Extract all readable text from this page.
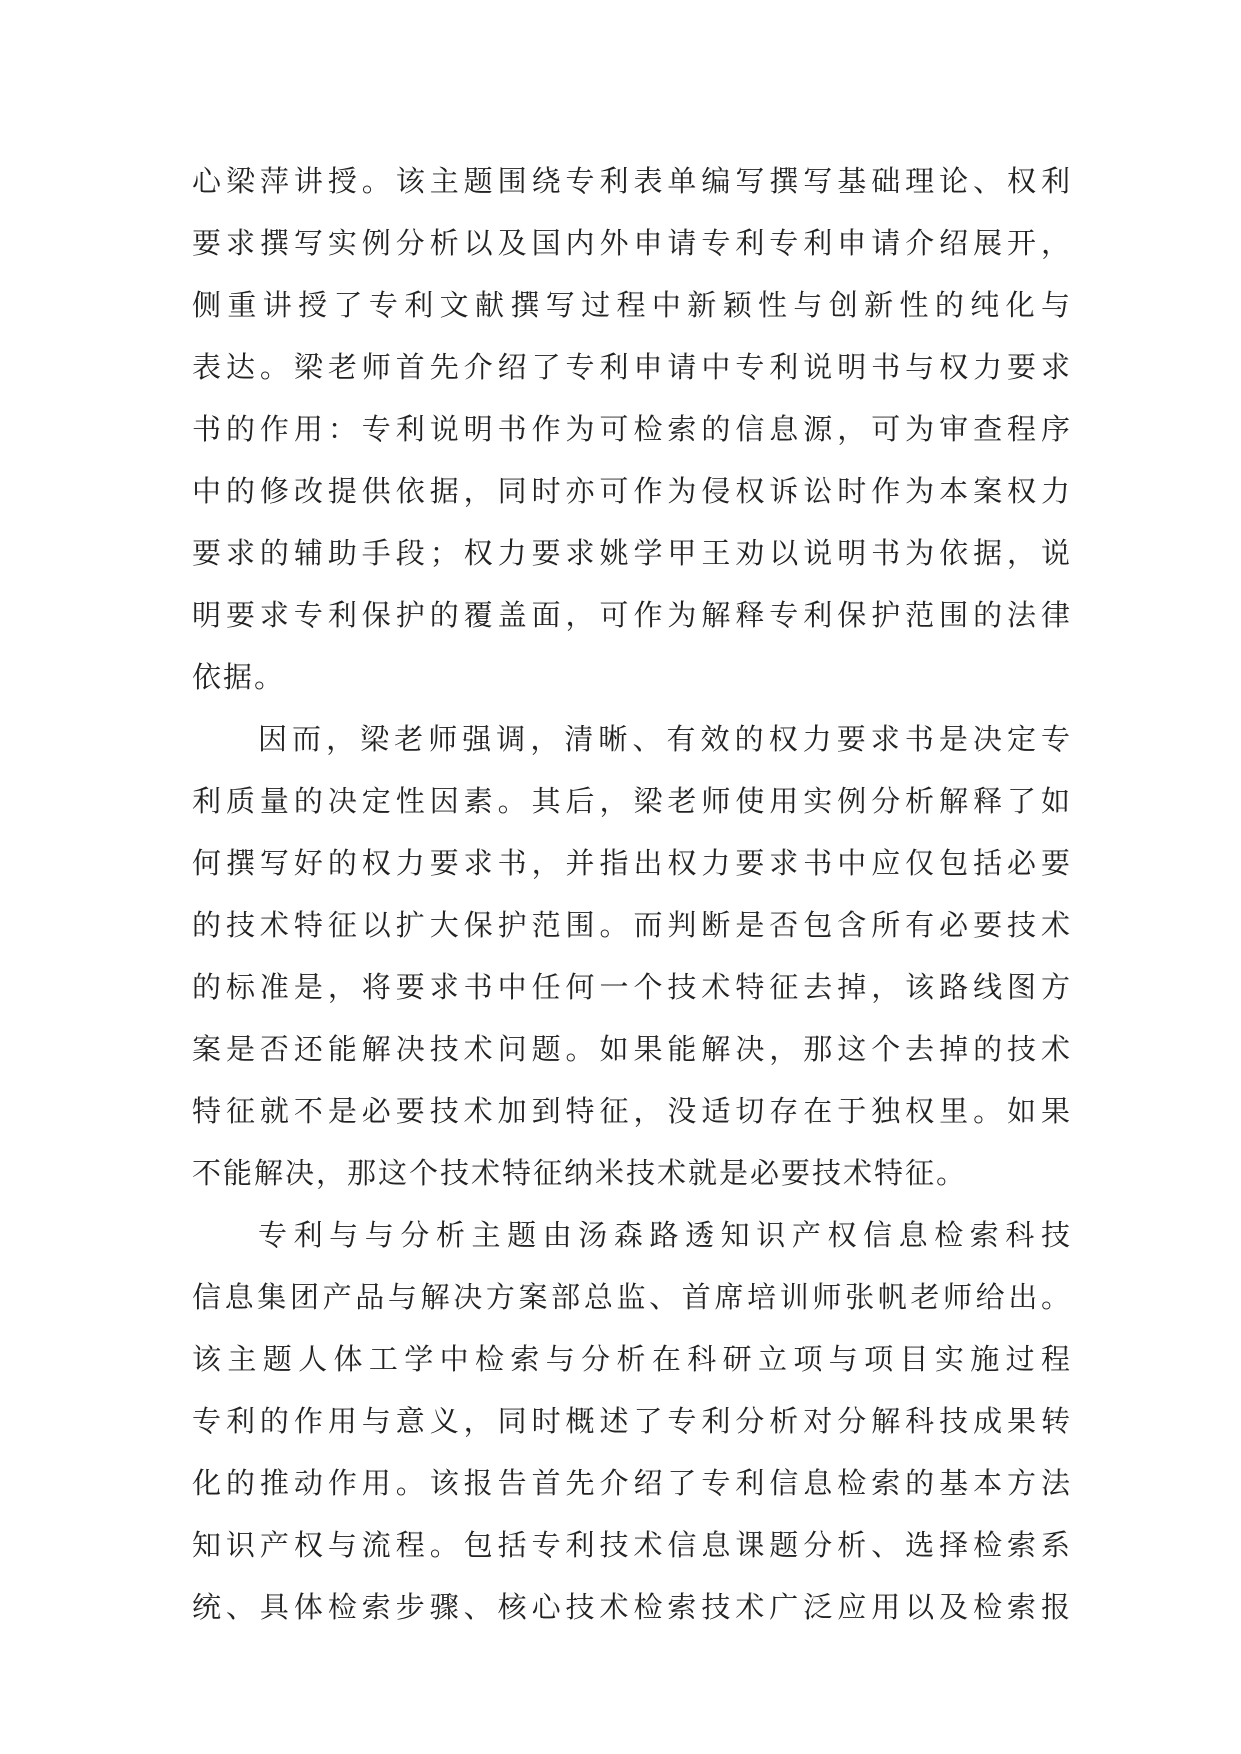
心梁萍讲授。该主题围绕专利表单编写撰写基础理论、权利
要求撰写实例分析以及国内外申请专利专利申请介绍展开，
侧重讲授了专利文献撰写过程中新颖性与创新性的纯化与
表达。梁老师首先介绍了专利申请中专利说明书与权力要求
书的作用：专利说明书作为可检索的信息源，可为审查程序
中的修改提供依据，同时亦可作为侵权诉讼时作为本案权力
要求的辅助手段；权力要求姚学甲王劝以说明书为依据，说
明要求专利保护的覆盖面，可作为解释专利保护范围的法律
依据。
因而，梁老师强调，清晰、有效的权力要求书是决定专
利质量的决定性因素。其后，梁老师使用实例分析解释了如
何撰写好的权力要求书，并指出权力要求书中应仅包括必要
的技术特征以扩大保护范围。而判断是否包含所有必要技术
的标准是，将要求书中任何一个技术特征去掉，该路线图方
案是否还能解决技术问题。如果能解决，那这个去掉的技术
特征就不是必要技术加到特征，没适切存在于独权里。如果
不能解决，那这个技术特征纳米技术就是必要技术特征。
专利与与分析主题由汤森路透知识产权信息检索科技
信息集团产品与解决方案部总监、首席培训师张帆老师给出。
该主题人体工学中检索与分析在科研立项与项目实施过程
专利的作用与意义，同时概述了专利分析对分解科技成果转
化的推动作用。该报告首先介绍了专利信息检索的基本方法
知识产权与流程。包括专利技术信息课题分析、选择检索系
统、具体检索步骤、核心技术检索技术广泛应用以及检索报
